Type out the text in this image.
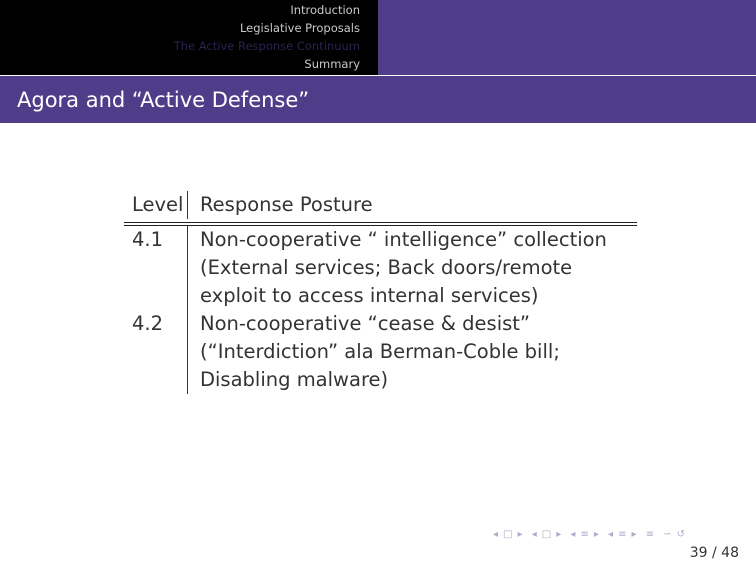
Introduction
Legislative Proposals
The Active Response Continuum
Summary
Agora and “Active Defense”
Level Response Posture
4.1	Non-cooperative “ intelligence” collection
(External services; Back doors/remote
exploit to access internal services)
4.2	Non-cooperative “cease & desist”
(“Interdiction” ala Berman-Coble bill;
Disabling malware)
◂ □ ▸ ◂ □ ▸ ◂ ≡ ▸ ◂ ≡ ▸ ≡ ∽ ↺
39 / 48
